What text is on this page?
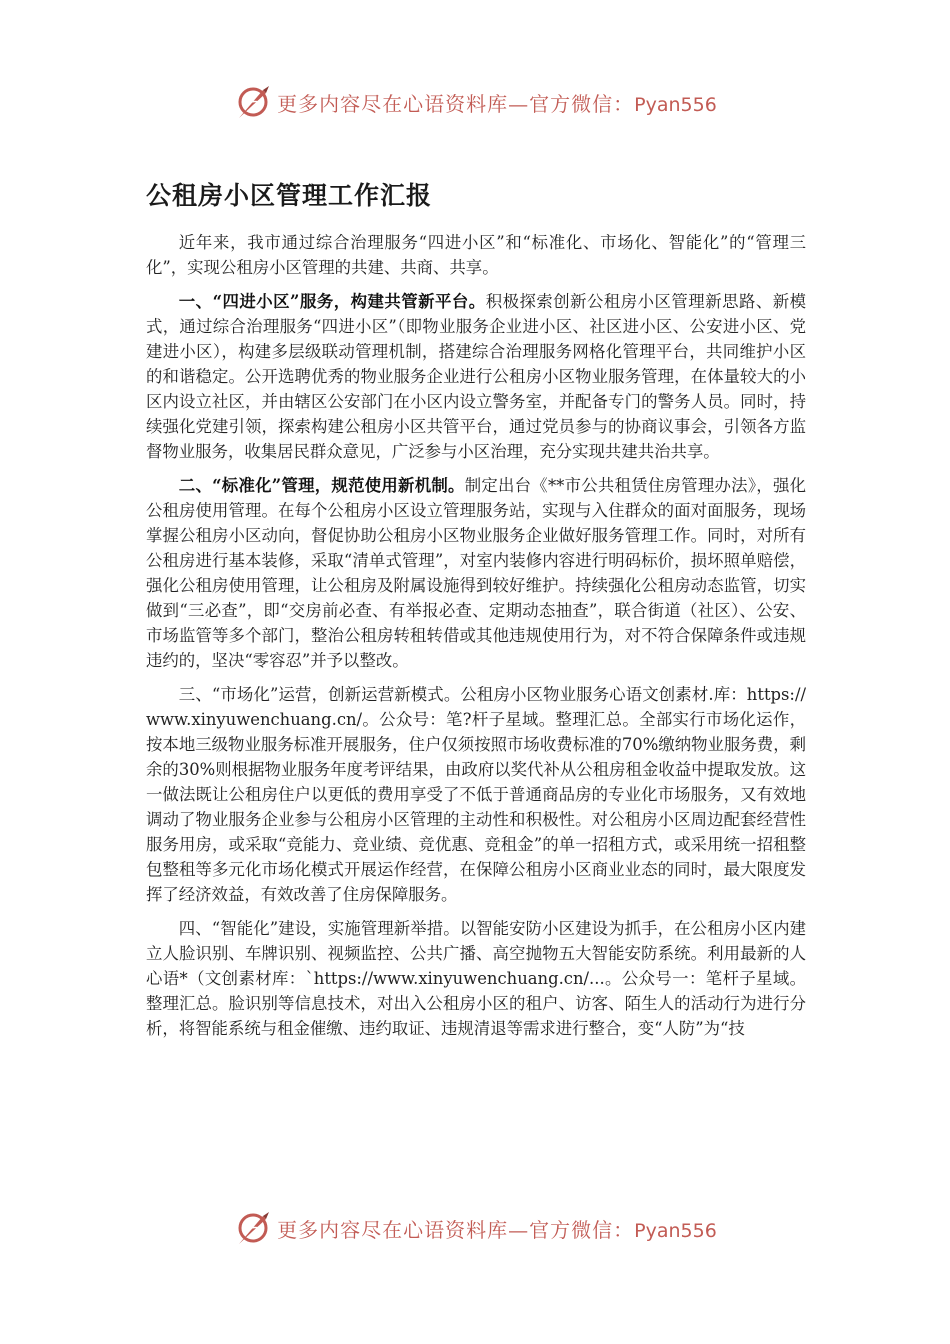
更多内容尽在心语资料库—官方微信：Pyan556
公租房小区管理工作汇报

近年来，我市通过综合治理服务“四进小区”和“标准化、市场化、智能化”的“管理三化”，实现公租房小区管理的共建、共商、共享。

一、“四进小区”服务，构建共管新平台。积极探索创新公租房小区管理新思路、新模式，通过综合治理服务“四进小区”（即物业服务企业进小区、社区进小区、公安进小区、党建进小区），构建多层级联动管理机制，搭建综合治理服务网格化管理平台，共同维护小区的和谐稳定。公开选聘优秀的物业服务企业进行公租房小区物业服务管理，在体量较大的小区内设立社区，并由辖区公安部门在小区内设立警务室，并配备专门的警务人员。同时，持续强化党建引领，探索构建公租房小区共管平台，通过党员参与的协商议事会，引领各方监督物业服务，收集居民群众意见，广泛参与小区治理，充分实现共建共治共享。

二、“标准化”管理，规范使用新机制。制定出台《**市公共租赁住房管理办法》，强化公租房使用管理。在每个公租房小区设立管理服务站，实现与入住群众的面对面服务，现场掌握公租房小区动向，督促协助公租房小区物业服务企业做好服务管理工作。同时，对所有公租房进行基本装修，采取“清单式管理”，对室内装修内容进行明码标价，损坏照单赔偿，强化公租房使用管理，让公租房及附属设施得到较好维护。持续强化公租房动态监管，切实做到“三必查”，即“交房前必查、有举报必查、定期动态抽查”，联合街道（社区）、公安、市场监管等多个部门，整治公租房转租转借或其他违规使用行为，对不符合保障条件或违规违约的，坚决“零容忍”并予以整改。

三、“市场化”运营，创新运营新模式。公租房小区物业服务心语文创素材.库：https://www.xinyuwenchuang.cn/。公众号：笔?杆子星域。整理汇总。全部实行市场化运作，按本地三级物业服务标准开展服务，住户仅须按照市场收费标准的70%缴纳物业服务费，剩余的30%则根据物业服务年度考评结果，由政府以奖代补从公租房租金收益中提取发放。这一做法既让公租房住户以更低的费用享受了不低于普通商品房的专业化市场服务，又有效地调动了物业服务企业参与公租房小区管理的主动性和积极性。对公租房小区周边配套经营性服务用房，或采取“竞能力、竞业绩、竞优惠、竞租金”的单一招租方式，或采用统一招租整包整租等多元化市场化模式开展运作经营，在保障公租房小区商业业态的同时，最大限度发挥了经济效益，有效改善了住房保障服务。

四、“智能化”建设，实施管理新举措。以智能安防小区建设为抓手，在公租房小区内建立人脸识别、车牌识别、视频监控、公共广播、高空抛物五大智能安防系统。利用最新的人心语*（文创素材库：`https://www.xinyuwenchuang.cn/...。公众号一：笔杆子星域。整理汇总。脸识别等信息技术，对出入公租房小区的租户、访客、陌生人的活动行为进行分析，将智能系统与租金催缴、违约取证、违规清退等需求进行整合，变“人防”为“技

更多内容尽在心语资料库—官方微信：Pyan556
